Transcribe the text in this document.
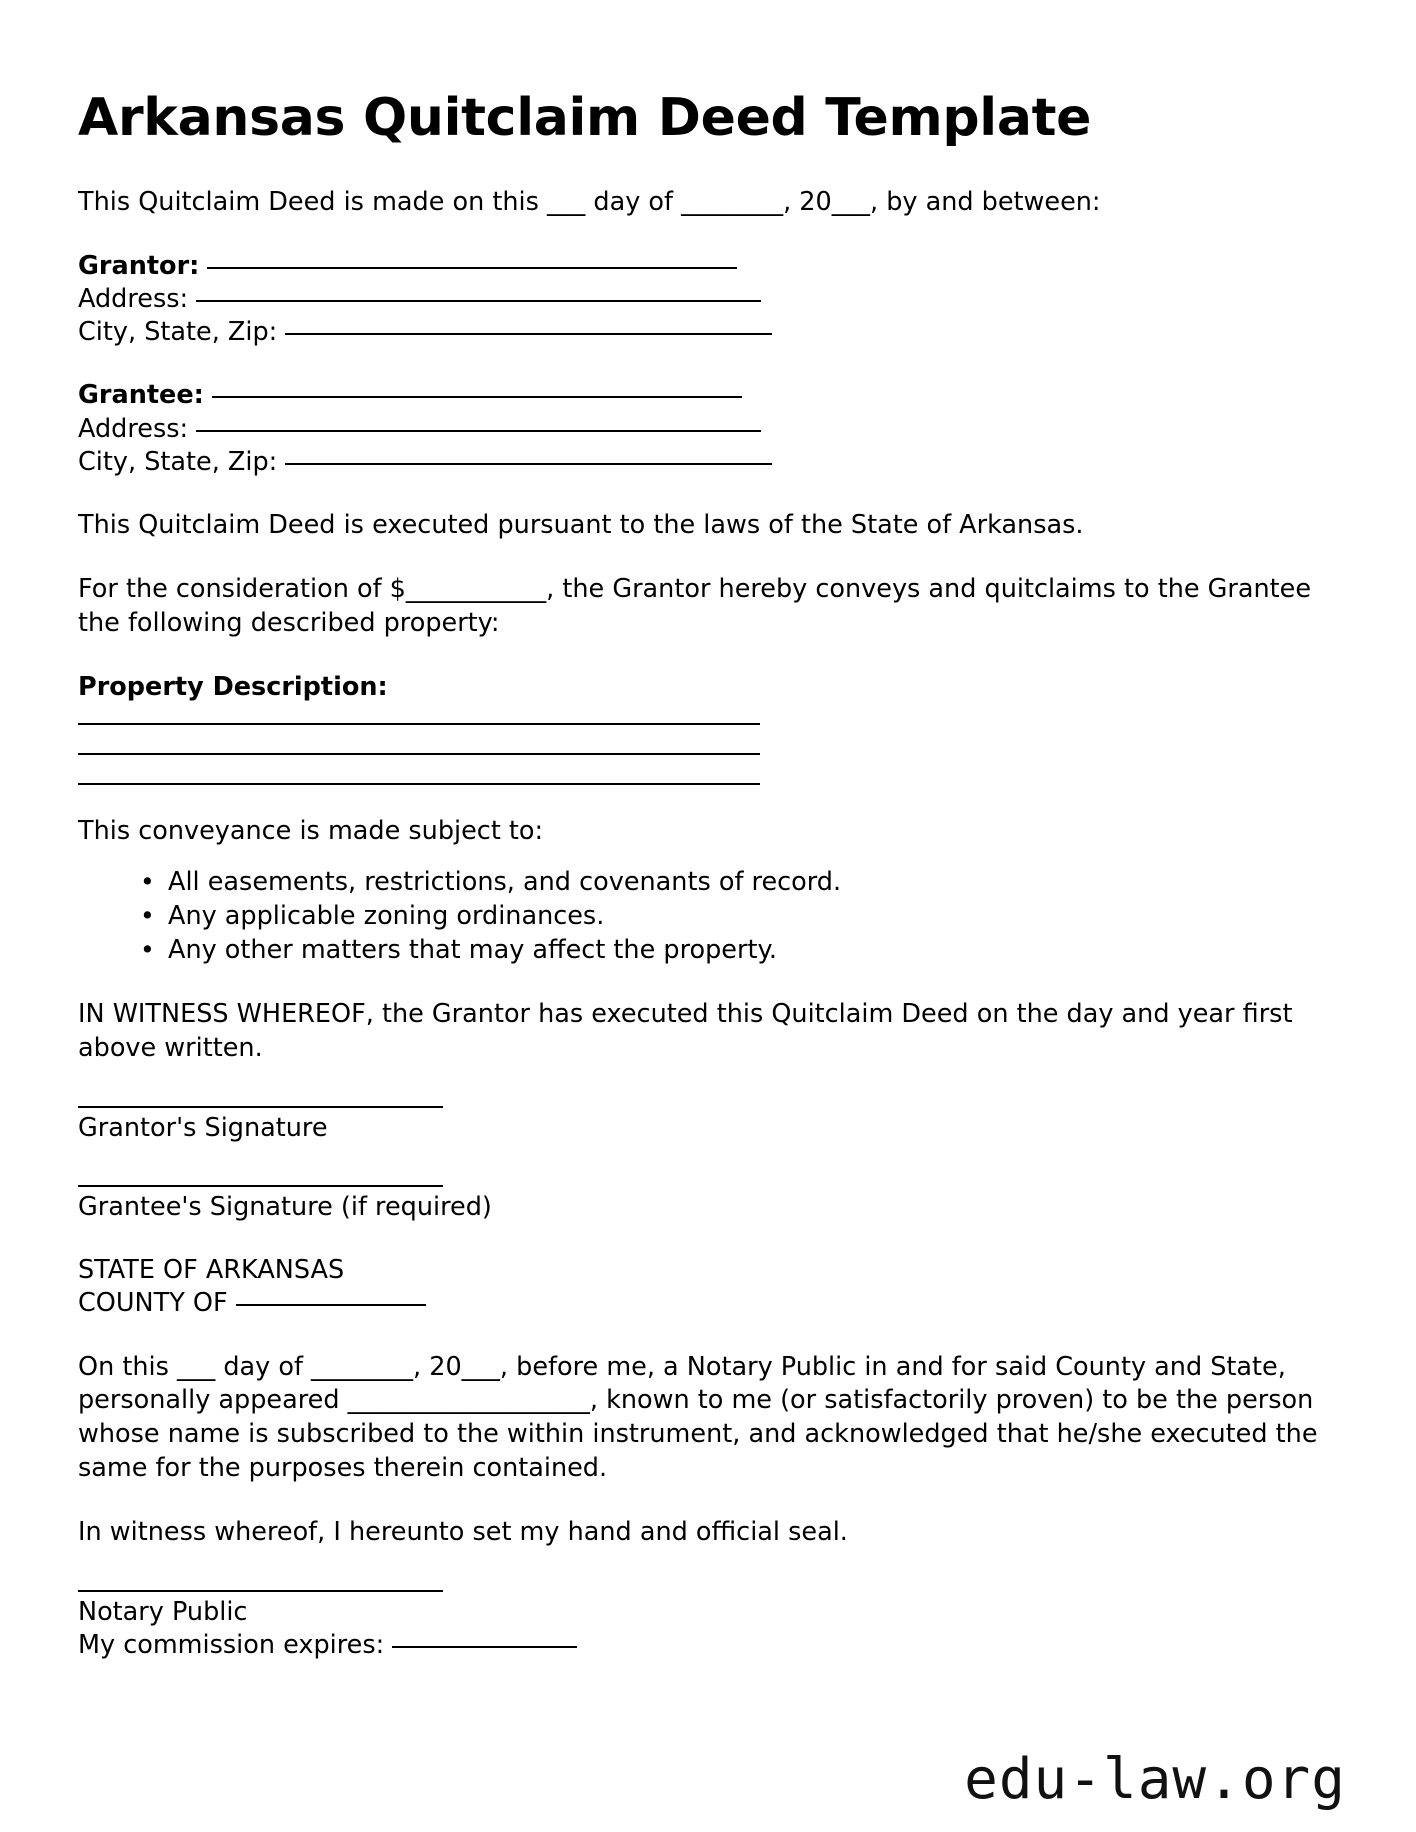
Arkansas Quitclaim Deed Template

This Quitclaim Deed is made on this ___ day of ________, 20___, by and between:

Grantor:
Address:
City, State, Zip:
Grantee:
Address:
City, State, Zip:

This Quitclaim Deed is executed pursuant to the laws of the State of Arkansas.

For the consideration of $___________, the Grantor hereby conveys and quitclaims to the Grantee the following described property:

Property Description:

This conveyance is made subject to:

• All easements, restrictions, and covenants of record.
• Any applicable zoning ordinances.
• Any other matters that may affect the property.

IN WITNESS WHEREOF, the Grantor has executed this Quitclaim Deed on the day and year first above written.

Grantor's Signature
Grantee's Signature (if required)
STATE OF ARKANSAS
COUNTY OF

On this ___ day of ________, 20___, before me, a Notary Public in and for said County and State, personally appeared ___________________, known to me (or satisfactorily proven) to be the person whose name is subscribed to the within instrument, and acknowledged that he/she executed the same for the purposes therein contained.

In witness whereof, I hereunto set my hand and official seal.

Notary Public
My commission expires:
edu-law.org
